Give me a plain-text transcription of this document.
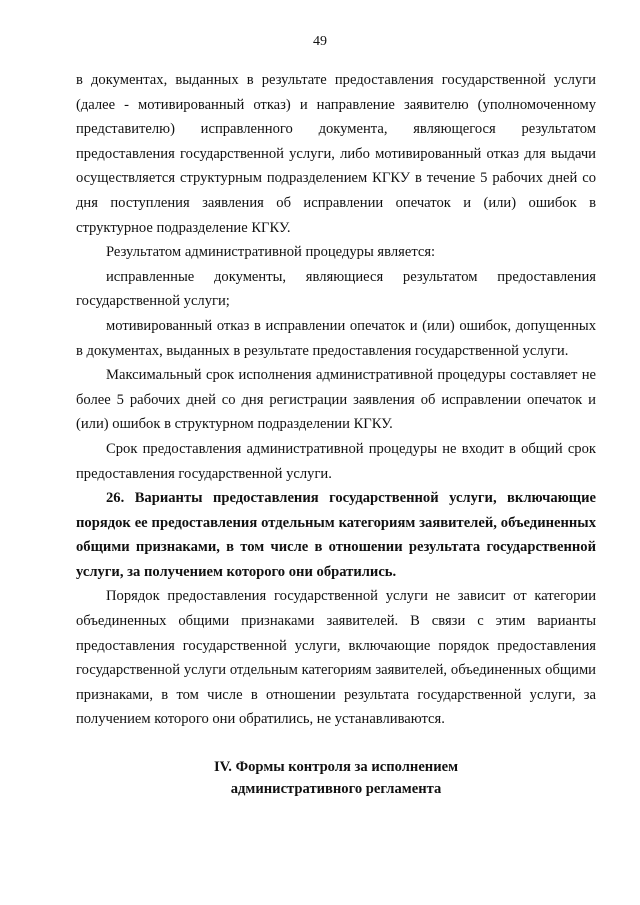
49

в документах, выданных в результате предоставления государственной услуги (далее - мотивированный отказ) и направление заявителю (уполномоченному представителю) исправленного документа, являющегося результатом предоставления государственной услуги, либо мотивированный отказ для выдачи осуществляется структурным подразделением КГКУ в течение 5 рабочих дней со дня поступления заявления об исправлении опечаток и (или) ошибок в структурное подразделение КГКУ.

Результатом административной процедуры является:

исправленные документы, являющиеся результатом предоставления государственной услуги;

мотивированный отказ в исправлении опечаток и (или) ошибок, допущенных в документах, выданных в результате предоставления государственной услуги.

Максимальный срок исполнения административной процедуры составляет не более 5 рабочих дней со дня регистрации заявления об исправлении опечаток и (или) ошибок в структурном подразделении КГКУ.

Срок предоставления административной процедуры не входит в общий срок предоставления государственной услуги.

26. Варианты предоставления государственной услуги, включающие порядок ее предоставления отдельным категориям заявителей, объединенных общими признаками, в том числе в отношении результата государственной услуги, за получением которого они обратились.

Порядок предоставления государственной услуги не зависит от категории объединенных общими признаками заявителей. В связи с этим варианты предоставления государственной услуги, включающие порядок предоставления государственной услуги отдельным категориям заявителей, объединенных общими признаками, в том числе в отношении результата государственной услуги, за получением которого они обратились, не устанавливаются.

IV. Формы контроля за исполнением
административного регламента
